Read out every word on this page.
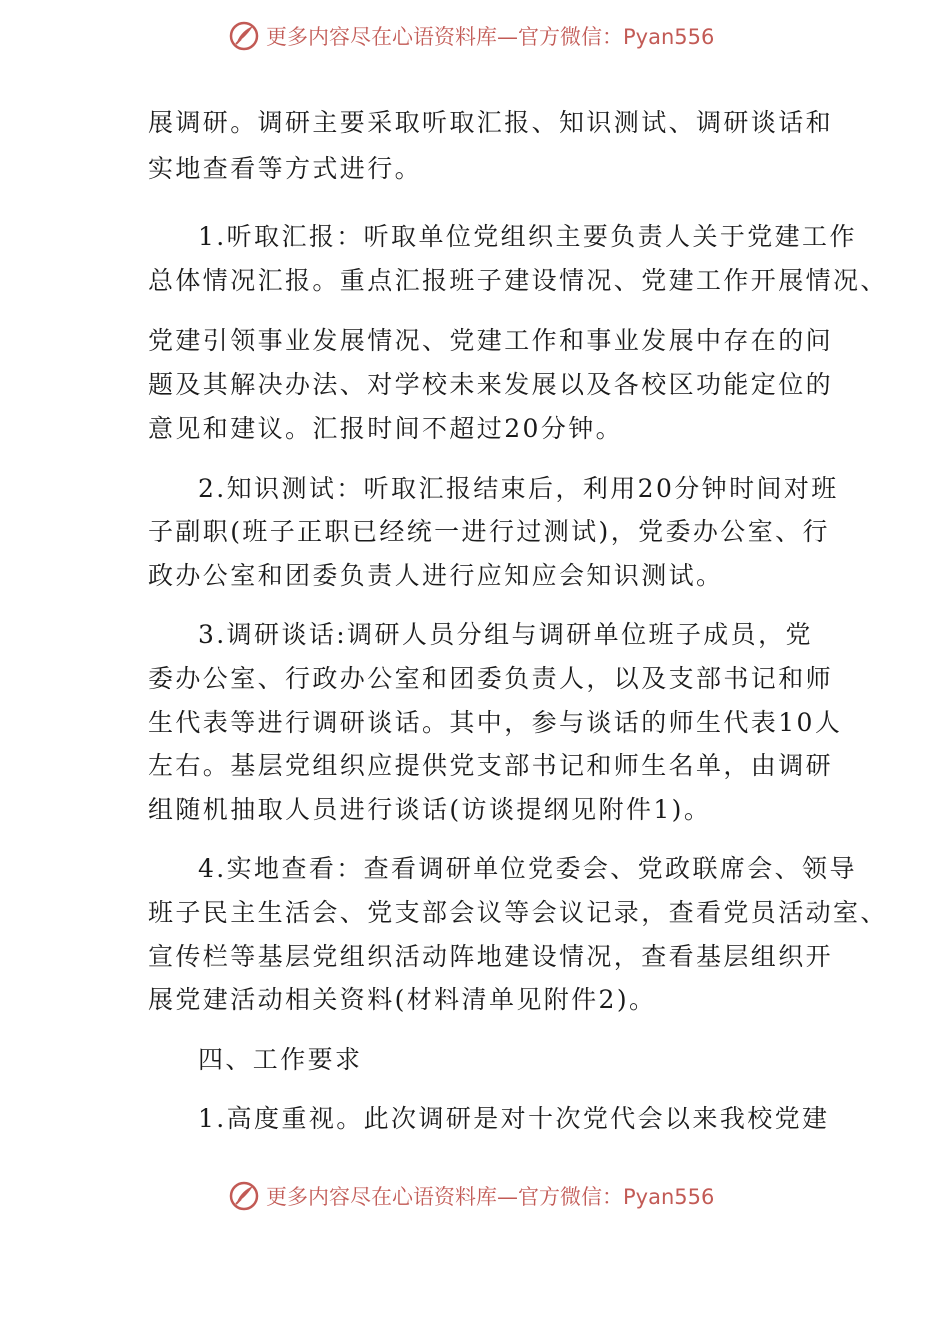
更多内容尽在心语资料库—官方微信：Pyan556
展调研。调研主要采取听取汇报、知识测试、调研谈话和
实地查看等方式进行。
1.听取汇报：听取单位党组织主要负责人关于党建工作
总体情况汇报。重点汇报班子建设情况、党建工作开展情况、
党建引领事业发展情况、党建工作和事业发展中存在的问
题及其解决办法、对学校未来发展以及各校区功能定位的
意见和建议。汇报时间不超过20分钟。
2.知识测试：听取汇报结束后，利用20分钟时间对班
子副职(班子正职已经统一进行过测试)，党委办公室、行
政办公室和团委负责人进行应知应会知识测试。
3.调研谈话:调研人员分组与调研单位班子成员，党
委办公室、行政办公室和团委负责人，以及支部书记和师
生代表等进行调研谈话。其中，参与谈话的师生代表10人
左右。基层党组织应提供党支部书记和师生名单，由调研
组随机抽取人员进行谈话(访谈提纲见附件1)。
4.实地查看：查看调研单位党委会、党政联席会、领导
班子民主生活会、党支部会议等会议记录，查看党员活动室、
宣传栏等基层党组织活动阵地建设情况，查看基层组织开
展党建活动相关资料(材料清单见附件2)。
四、工作要求
1.高度重视。此次调研是对十次党代会以来我校党建
更多内容尽在心语资料库—官方微信：Pyan556
